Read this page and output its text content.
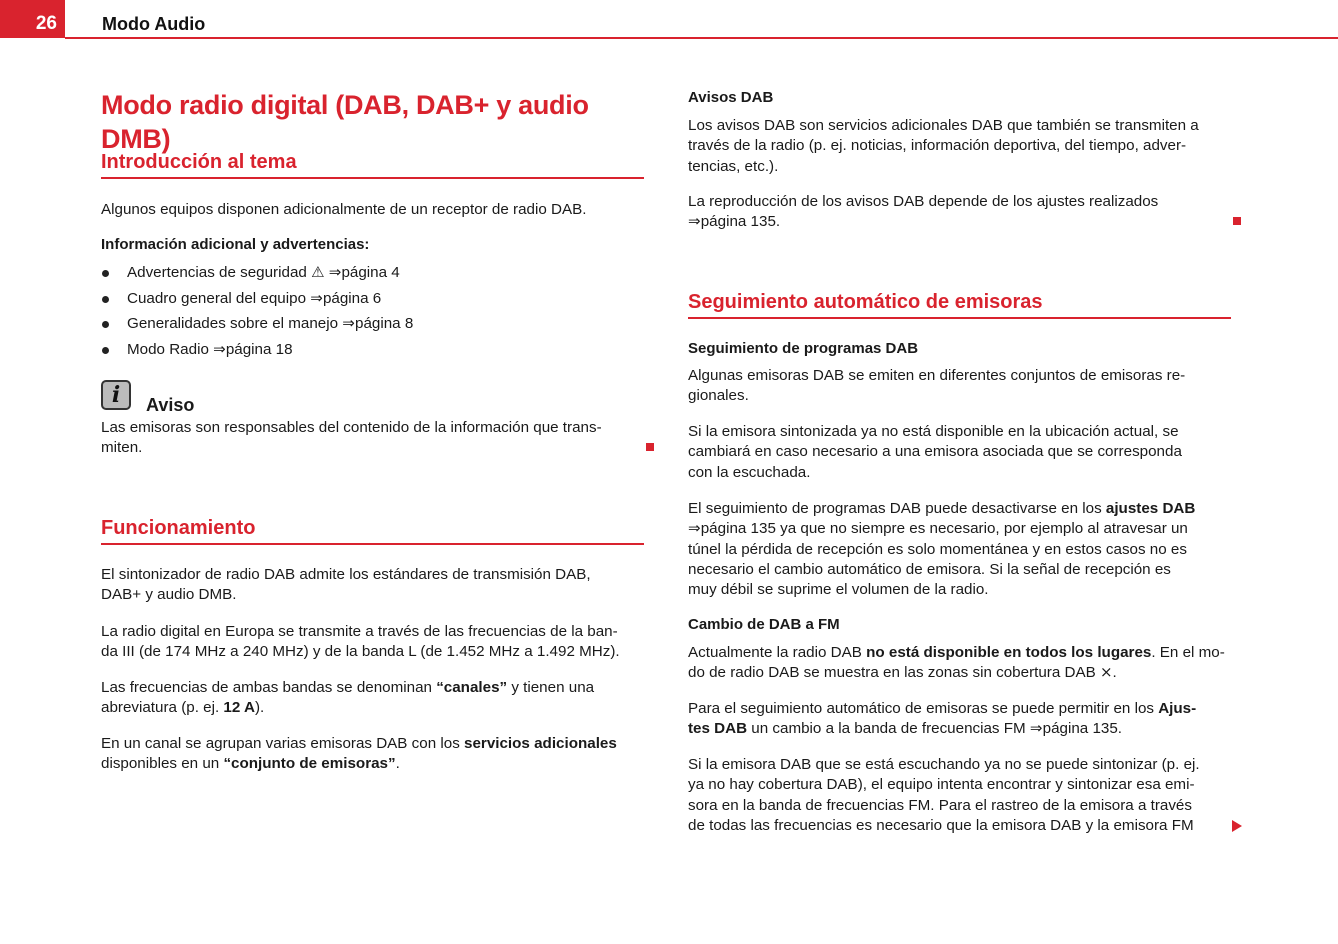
26	Modo Audio
Modo radio digital (DAB, DAB+ y audio DMB)
Introducción al tema
Algunos equipos disponen adicionalmente de un receptor de radio DAB.
Información adicional y advertencias:
Advertencias de seguridad ⚠ ⇒página 4
Cuadro general del equipo ⇒página 6
Generalidades sobre el manejo ⇒página 8
Modo Radio ⇒página 18
i	Aviso
Las emisoras son responsables del contenido de la información que trans-
miten.
Funcionamiento
El sintonizador de radio DAB admite los estándares de transmisión DAB,
DAB+ y audio DMB.
La radio digital en Europa se transmite a través de las frecuencias de la ban-
da III (de 174 MHz a 240 MHz) y de la banda L (de 1.452 MHz a 1.492 MHz).
Las frecuencias de ambas bandas se denominan “canales” y tienen una
abreviatura (p. ej. 12 A).
En un canal se agrupan varias emisoras DAB con los servicios adicionales
disponibles en un “conjunto de emisoras”.
Avisos DAB
Los avisos DAB son servicios adicionales DAB que también se transmiten a
través de la radio (p. ej. noticias, información deportiva, del tiempo, adver-
tencias, etc.).
La reproducción de los avisos DAB depende de los ajustes realizados
⇒página 135.
Seguimiento automático de emisoras
Seguimiento de programas DAB
Algunas emisoras DAB se emiten en diferentes conjuntos de emisoras re-
gionales.
Si la emisora sintonizada ya no está disponible en la ubicación actual, se
cambiará en caso necesario a una emisora asociada que se corresponda
con la escuchada.
El seguimiento de programas DAB puede desactivarse en los ajustes DAB
⇒página 135 ya que no siempre es necesario, por ejemplo al atravesar un
túnel la pérdida de recepción es solo momentánea y en estos casos no es
necesario el cambio automático de emisora. Si la señal de recepción es
muy débil se suprime el volumen de la radio.
Cambio de DAB a FM
Actualmente la radio DAB no está disponible en todos los lugares. En el mo-
do de radio DAB se muestra en las zonas sin cobertura DAB ⨯.
Para el seguimiento automático de emisoras se puede permitir en los Ajus-
tes DAB un cambio a la banda de frecuencias FM ⇒página 135.
Si la emisora DAB que se está escuchando ya no se puede sintonizar (p. ej.
ya no hay cobertura DAB), el equipo intenta encontrar y sintonizar esa emi-
sora en la banda de frecuencias FM. Para el rastreo de la emisora a través
de todas las frecuencias es necesario que la emisora DAB y la emisora FM
